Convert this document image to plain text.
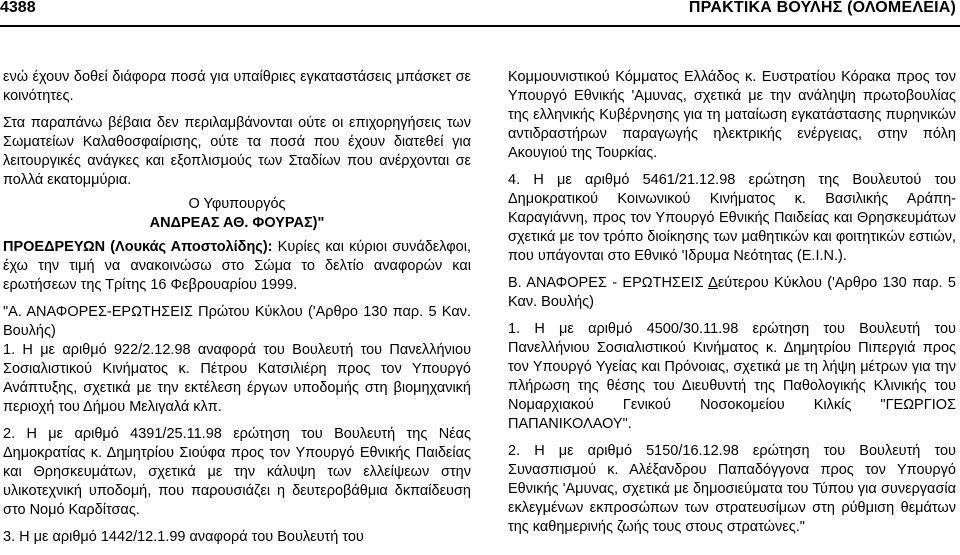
4388	ΠΡΑΚΤΙΚΑ ΒΟΥΛΗΣ (ΟΛΟΜΕΛΕΙΑ)

ενώ έχουν δοθεί διάφορα ποσά για υπαίθριες εγκαταστάσεις μπάσκετ σε κοινότητες.

Στα παραπάνω βέβαια δεν περιλαμβάνονται ούτε οι επιχορηγήσεις των Σωματείων Καλαθοσφαίρισης, ούτε τα ποσά που έχουν διατεθεί για λειτουργικές ανάγκες και εξοπλισμούς των Σταδίων που ανέρχονται σε πολλά εκατομμύρια.

Ο Υφυπουργός

ΑΝΔΡΕΑΣ ΑΘ. ΦΟΥΡΑΣ)"

ΠΡΟΕΔΡΕΥΩΝ (Λουκάς Αποστολίδης): Κυρίες και κύριοι συνάδελφοι, έχω την τιμή να ανακοινώσω στο Σώμα το δελτίο αναφορών και ερωτήσεων της Τρίτης 16 Φεβρουαρίου 1999.

"Α. ΑΝΑΦΟΡΕΣ-ΕΡΩΤΗΣΕΙΣ Πρώτου Κύκλου ('Αρθρο 130 παρ. 5 Καν. Βουλής)

1. Η με αριθμό 922/2.12.98 αναφορά του Βουλευτή του Πανελλήνιου Σοσιαλιστικού Κινήματος κ. Πέτρου Κατσιλιέρη προς τον Υπουργό Ανάπτυξης, σχετικά με την εκτέλεση έργων υποδομής στη βιομηχανική περιοχή του Δήμου Μελιγαλά κλπ.

2. Η με αριθμό 4391/25.11.98 ερώτηση του Βουλευτή της Νέας Δημοκρατίας κ. Δημητρίου Σιούφα προς τον Υπουργό Εθνικής Παιδείας και Θρησκευμάτων, σχετικά με την κάλυψη των ελλείψεων στην υλικοτεχνική υποδομή, που παρουσιάζει η δευτεροβάθμια δκπαίδευση στο Νομό Καρδίτσας.

3. Η με αριθμό 1442/12.1.99 αναφορά του Βουλευτή του

Κομμουνιστικού Κόμματος Ελλάδος κ. Ευστρατίου Κόρακα προς τον Υπουργό Εθνικής 'Αμυνας, σχετικά με την ανάληψη πρωτοβουλίας της ελληνικής Κυβέρνησης για τη ματαίωση εγκατάστασης πυρηνικών αντιδραστήρων παραγωγής ηλεκτρικής ενέργειας, στην πόλη Ακουγιού της Τουρκίας.

4. Η με αριθμό 5461/21.12.98 ερώτηση της Βουλευτού του Δημοκρατικού Κοινωνικού Κινήματος κ. Βασιλικής Αράπη-Καραγιάννη, προς τον Υπουργό Εθνικής Παιδείας και Θρησκευμάτων σχετικά με τον τρόπο διοίκησης των μαθητικών και φοιτητικών εστιών, που υπάγονται στο Εθνικό 'Ιδρυμα Νεότητας (Ε.Ι.Ν.).

Β. ΑΝΑΦΟΡΕΣ - ΕΡΩΤΗΣΕΙΣ Δεύτερου Κύκλου ('Αρθρο 130 παρ. 5 Καν. Βουλής)

1. Η με αριθμό 4500/30.11.98 ερώτηση του Βουλευτή του Πανελλήνιου Σοσιαλιστικού Κινήματος κ. Δημητρίου Πιπεργιά προς τον Υπουργό Υγείας και Πρόνοιας, σχετικά με τη λήψη μέτρων για την πλήρωση της θέσης του Διευθυντή της Παθολογικής Κλινικής του Νομαρχιακού Γενικού Νοσοκομείου Κιλκίς "ΓΕΩΡΓΙΟΣ ΠΑΠΑΝΙΚΟΛΑΟΥ".

2. Η με αριθμό 5150/16.12.98 ερώτηση του Βουλευτή του Συνασπισμού κ. Αλέξανδρου Παπαδόγγονα προς τον Υπουργό Εθνικής 'Αμυνας, σχετικά με δημοσιεύματα του Τύπου για συνεργασία εκλεγμένων εκπροσώπων των στρατευσίμων στη ρύθμιση θεμάτων της καθημερινής ζωής τους στους στρατώνες."
